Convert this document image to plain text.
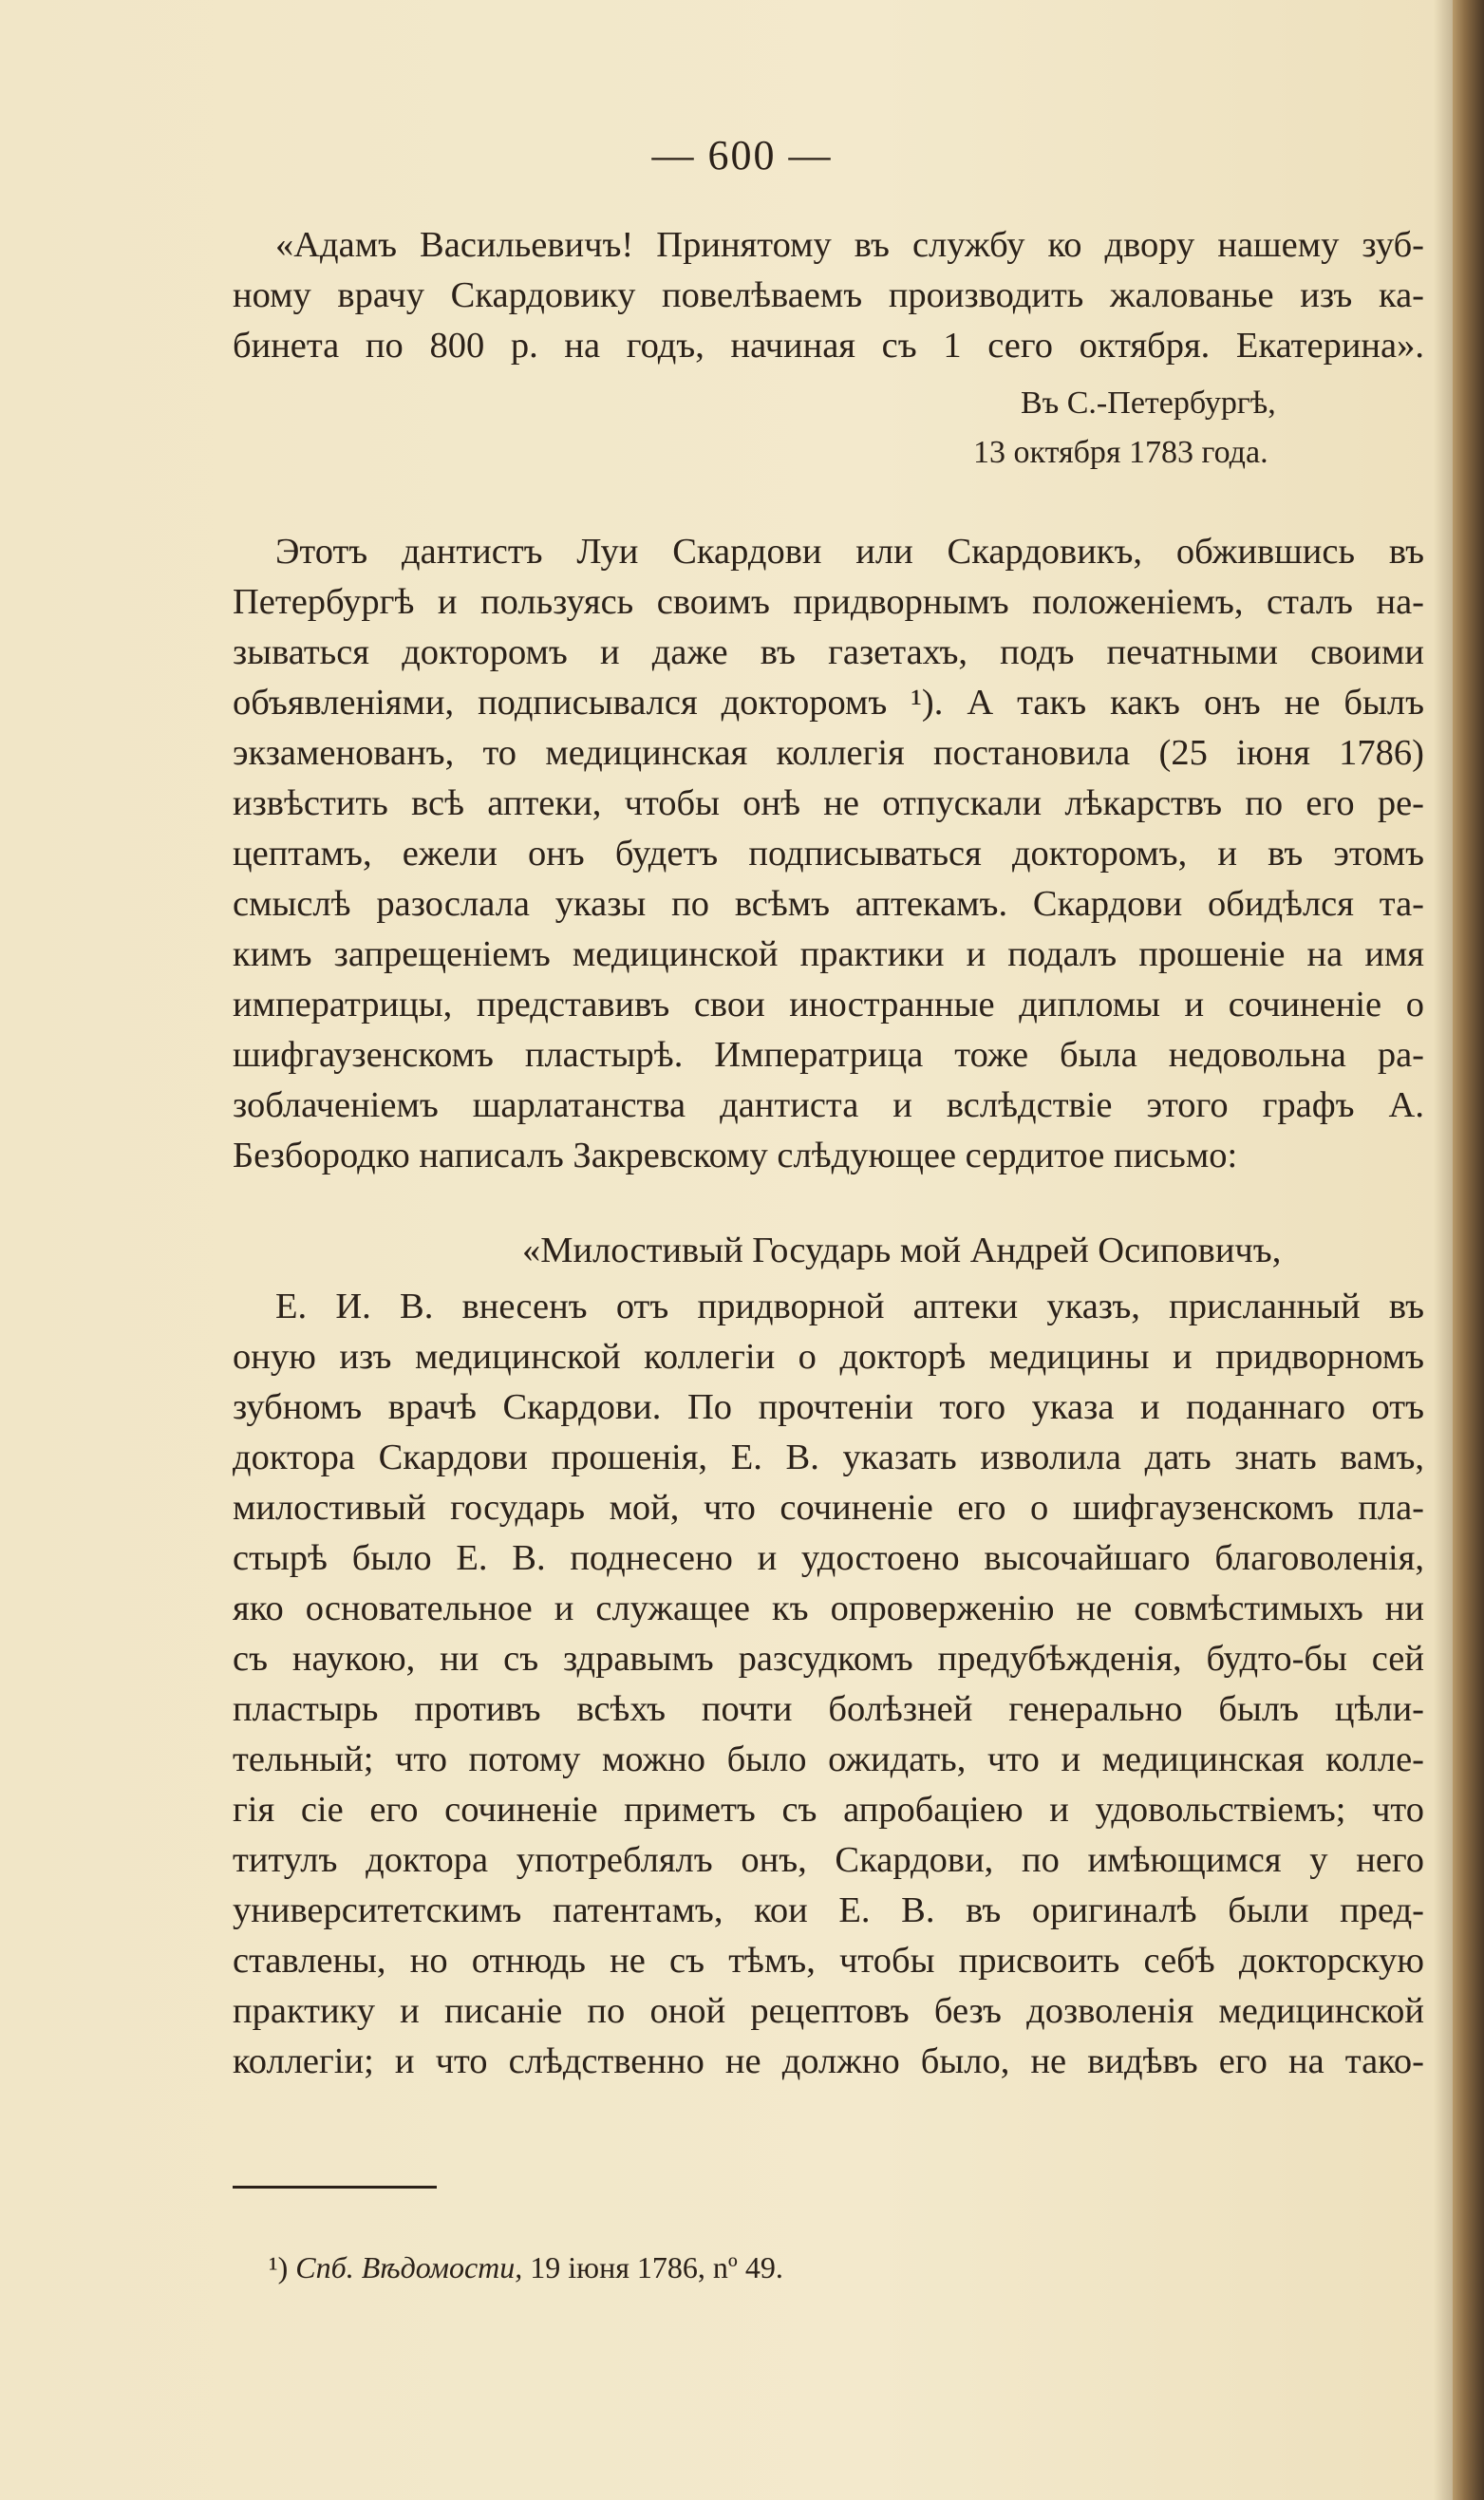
— 600 —
«Адамъ Васильевичъ! Принятому въ службу ко двору нашему зуб-
ному врачу Скардовику повелѣваемъ производить жалованье изъ ка-
бинета по 800 р. на годъ, начиная съ 1 сего октября. Екатерина».
Въ С.-Петербургѣ,
13 октября 1783 года.
Этотъ дантистъ Луи Скардови или Скардовикъ, обжившись въ
Петербургѣ и пользуясь своимъ придворнымъ положеніемъ, сталъ на-
зываться докторомъ и даже въ газетахъ, подъ печатными своими
объявленіями, подписывался докторомъ ¹). А такъ какъ онъ не былъ
экзаменованъ, то медицинская коллегія постановила (25 іюня 1786)
извѣстить всѣ аптеки, чтобы онѣ не отпускали лѣкарствъ по его ре-
цептамъ, ежели онъ будетъ подписываться докторомъ, и въ этомъ
смыслѣ разослала указы по всѣмъ аптекамъ. Скардови обидѣлся та-
кимъ запрещеніемъ медицинской практики и подалъ прошеніе на имя
императрицы, представивъ свои иностранные дипломы и сочиненіе о
шифгаузенскомъ пластырѣ. Императрица тоже была недовольна ра-
зоблаченіемъ шарлатанства дантиста и вслѣдствіе этого графъ А.
Безбородко написалъ Закревскому слѣдующее сердитое письмо:
«Милостивый Государь мой Андрей Осиповичъ,
Е. И. В. внесенъ отъ придворной аптеки указъ, присланный въ
оную изъ медицинской коллегіи о докторѣ медицины и придворномъ
зубномъ врачѣ Скардови. По прочтеніи того указа и поданнаго отъ
доктора Скардови прошенія, Е. В. указать изволила дать знать вамъ,
милостивый государь мой, что сочиненіе его о шифгаузенскомъ пла-
стырѣ было Е. В. поднесено и удостоено высочайшаго благоволенія,
яко основательное и служащее къ опроверженію не совмѣстимыхъ ни
съ наукою, ни съ здравымъ разсудкомъ предубѣжденія, будто-бы сей
пластырь противъ всѣхъ почти болѣзней генерально былъ цѣли-
тельный; что потому можно было ожидать, что и медицинская колле-
гія сіе его сочиненіе приметъ съ апробаціею и удовольствіемъ; что
титулъ доктора употреблялъ онъ, Скардови, по имѣющимся у него
университетскимъ патентамъ, кои Е. В. въ оригиналѣ были пред-
ставлены, но отнюдь не съ тѣмъ, чтобы присвоить себѣ докторскую
практику и писаніе по оной рецептовъ безъ дозволенія медицинской
коллегіи; и что слѣдственно не должно было, не видѣвъ его на тако-
¹) Спб. Вѣдомости, 19 іюня 1786, nº 49.
